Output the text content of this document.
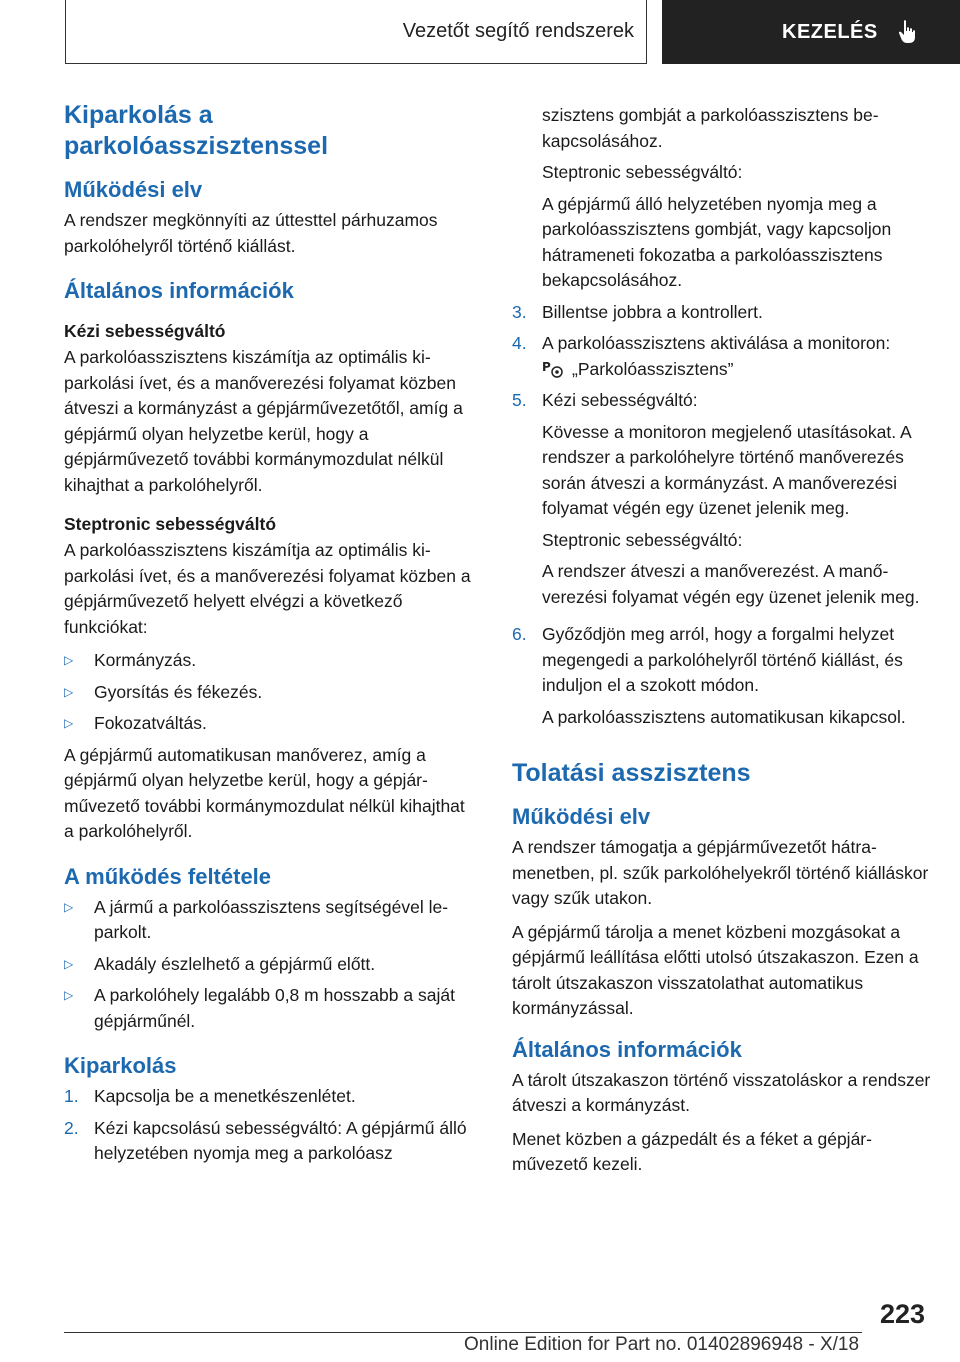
Vezetőt segítő rendszerek	KEZELÉS
Kiparkolás a parkolóasszisztenssel
Működési elv

A rendszer megkönnyíti az úttesttel párhuzamos parkolóhelyről történő kiállást.

Általános információk
Kézi sebességváltó

A parkolóasszisztens kiszámítja az optimális kiparkolási ívet, és a manőverezési folyamat közben átveszi a kormányzást a gépjárművezetőtől, amíg a gépjármű olyan helyzetbe kerül, hogy a gépjárművezető további kormánymozdulat nélkül kihajthat a parkolóhelyről.

Steptronic sebességváltó

A parkolóasszisztens kiszámítja az optimális kiparkolási ívet, és a manőverezési folyamat közben a gépjárművezető helyett elvégzi a következő funkciókat:

▷	Kormányzás.
▷	Gyorsítás és fékezés.
▷	Fokozatváltás.

A gépjármű automatikusan manőverez, amíg a gépjármű olyan helyzetbe kerül, hogy a gépjárművezető további kormánymozdulat nélkül kihajthat a parkolóhelyről.

A működés feltétele
▷	A jármű a parkolóasszisztens segítségével leparkolt.
▷	Akadály észlelhető a gépjármű előtt.
▷	A parkolóhely legalább 0,8 m hosszabb a saját gépjárműnél.
Kiparkolás
1. Kapcsolja be a menetkészenlétet.
2. Kézi kapcsolású sebességváltó: A gépjármű álló helyzetében nyomja meg a parkolóasz

szisztens gombját a parkolóasszisztens bekapcsolásához.

Steptronic sebességváltó:

A gépjármű álló helyzetében nyomja meg a parkolóasszisztens gombját, vagy kapcsoljon hátrameneti fokozatba a parkolóasszisztens bekapcsolásához.

3. Billentse jobbra a kontrollert.
4. A parkolóasszisztens aktiválása a monitoron:

P „Parkolóasszisztens”
5. Kézi sebességváltó:

Kövesse a monitoron megjelenő utasításokat. A rendszer a parkolóhelyre történő manőverezés során átveszi a kormányzást. A manőverezési folyamat végén egy üzenet jelenik meg.

Steptronic sebességváltó:

A rendszer átveszi a manőverezést. A manőverezési folyamat végén egy üzenet jelenik meg.

6. Győződjön meg arról, hogy a forgalmi helyzet megengedi a parkolóhelyről történő kiállást, és induljon el a szokott módon.

A parkolóasszisztens automatikusan kikapcsol.

Tolatási asszisztens
Működési elv

A rendszer támogatja a gépjárművezetőt hátramenetben, pl. szűk parkolóhelyekről történő kiálláskor vagy szűk utakon.

A gépjármű tárolja a menet közbeni mozgásokat a gépjármű leállítása előtti utolsó útszakaszon. Ezen a tárolt útszakaszon visszatolathat automatikus kormányzással.

Általános információk

A tárolt útszakaszon történő visszatoláskor a rendszer átveszi a kormányzást.

Menet közben a gázpedált és a féket a gépjárművezető kezeli.

223
Online Edition for Part no. 01402896948 - X/18
